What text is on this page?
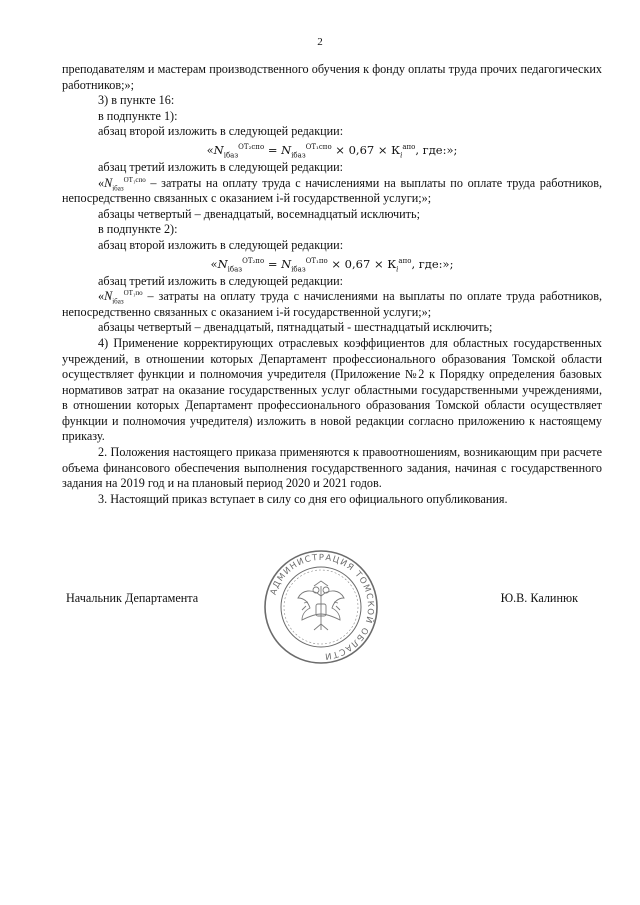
2

преподавателям и мастерам производственного обучения к фонду оплаты труда прочих педагогических работников;»;

3) в пункте 16:

в подпункте 1):

абзац второй изложить в следующей редакции:

«$N_{iбаз}^{ОТ_2спо} = N_{iбаз}^{ОТ_1спо} \times 0,67 \times К_i^{апо}$, где:»;

абзац третий изложить в следующей редакции:

«$N_{iбаз}^{ОТ_1спо}$ – затраты на оплату труда с начислениями на выплаты по оплате труда работников, непосредственно связанных с оказанием i-й государственной услуги;»;

абзацы четвертый – двенадцатый, восемнадцатый исключить;

в подпункте 2):

абзац второй изложить в следующей редакции:

«$N_{iбаз}^{ОТ_2по} = N_{iбаз}^{ОТ_1по} \times 0,67 \times К_i^{апо}$, где:»;

абзац третий изложить в следующей редакции:

«$N_{iбаз}^{ОТ_1по}$ – затраты на оплату труда с начислениями на выплаты по оплате труда работников, непосредственно связанных с оказанием i-й государственной услуги;»;

абзацы четвертый – двенадцатый, пятнадцатый - шестнадцатый исключить;

4) Применение корректирующих отраслевых коэффициентов для областных государственных учреждений, в отношении которых Департамент профессионального образования Томской области осуществляет функции и полномочия учредителя (Приложение №2 к Порядку определения базовых нормативов затрат на оказание государственных услуг областными государственными учреждениями, в отношении которых Департамент профессионального образования Томской области осуществляет функции и полномочия учредителя) изложить в новой редакции согласно приложению к настоящему приказу.

2. Положения настоящего приказа применяются к правоотношениям, возникающим при расчете объема финансового обеспечения выполнения государственного задания, начиная с государственного задания на 2019 год и на плановый период 2020 и 2021 годов.

3. Настоящий приказ вступает в силу со дня его официального опубликования.

Начальник Департамента	Ю.В. Калинюк
АДМИНИСТРАЦИЯ ТОМСКОЙ ОБЛАСТИ
